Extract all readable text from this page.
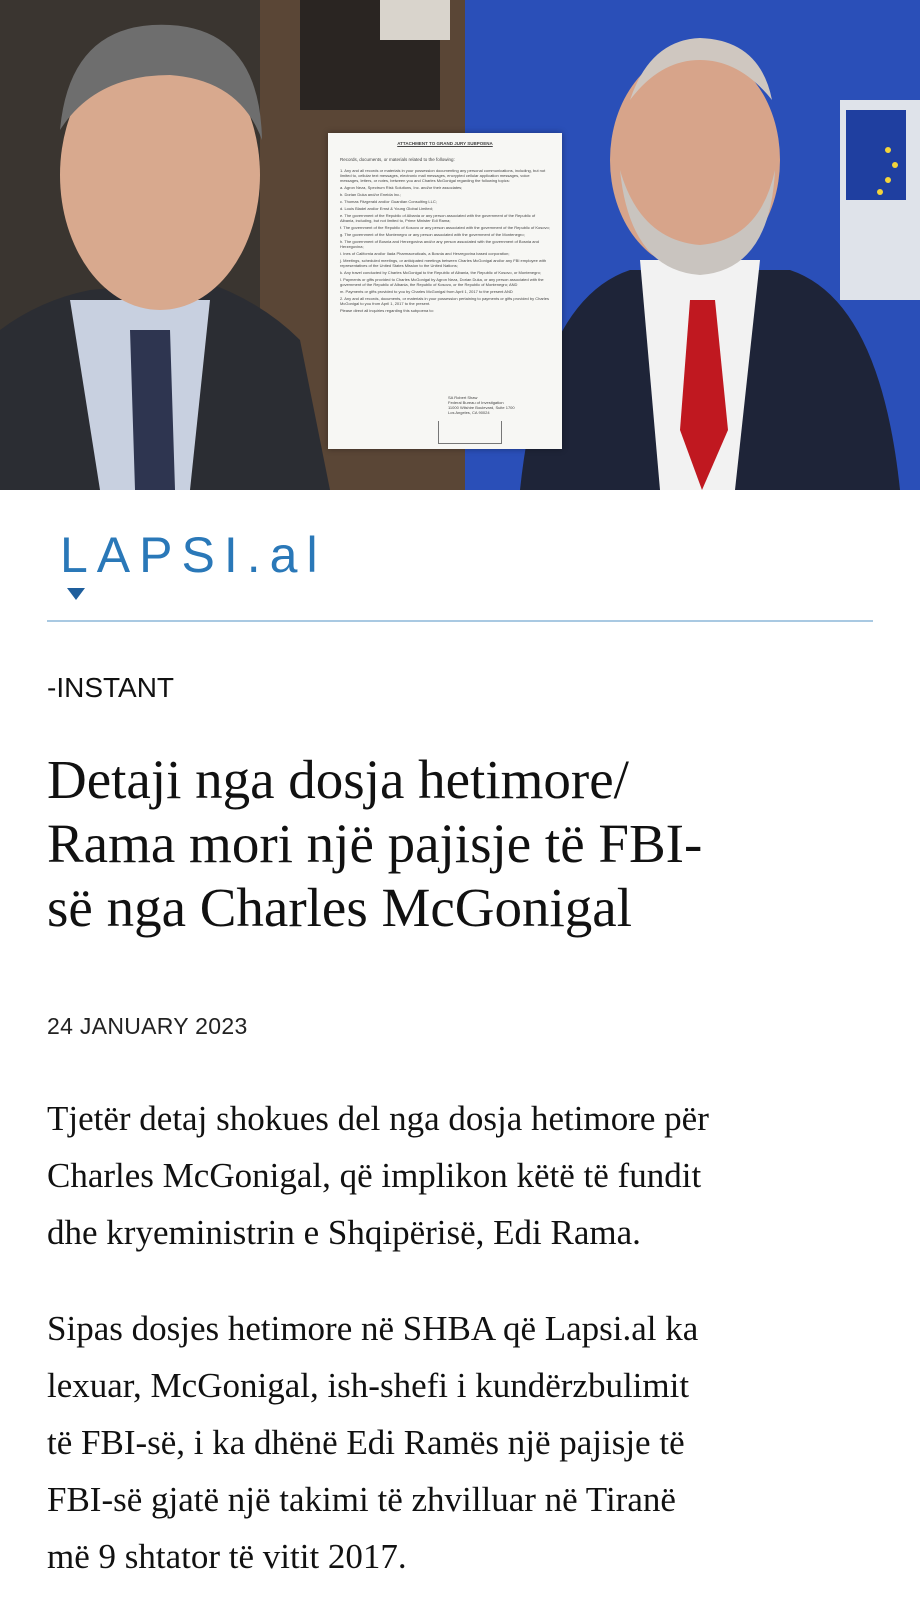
ATTACHMENT TO GRAND JURY SUBPOENA
Records, documents, or materials related to the following:
1. Any and all records or materials in your possession documenting any personal communications, including, but not limited to, cellular text messages, electronic mail messages, encrypted cellular application messages, voice messages, letters, or notes, between you and Charles McGonigal regarding the following topics:
a. Agron Neza, Spectrum Risk Solutions, Inc. and/or their associates;
b. Dorian Duka and/or Eneida Inc.;
c. Thomas Fitzgerald and/or Guardian Consulting LLC;
d. Louis Bladel and/or Ernst & Young Global Limited;
e. The government of the Republic of Albania or any person associated with the government of the Republic of Albania, including, but not limited to, Prime Minister Edi Rama;
f. The government of the Republic of Kosovo or any person associated with the government of the Republic of Kosovo;
g. The government of the Montenegro or any person associated with the government of the Montenegro;
h. The government of Bosnia and Herzegovina and/or any person associated with the government of Bosnia and Herzegovina;
i. Ines of California and/or Ilada Pharmaceuticals, a Bosnia and Herzegovina based corporation;
j. Meetings, scheduled meetings, or anticipated meetings between Charles McGonigal and/or any FBI employee with representatives of the United States Mission to the United Nations;
k. Any travel conducted by Charles McGonigal to the Republic of Albania, the Republic of Kosovo, or Montenegro;
l. Payments or gifts provided to Charles McGonigal by Agron Neza, Dorian Duka, or any person associated with the government of the Republic of Albania, the Republic of Kosovo, or the Republic of Montenegro; AND
m. Payments or gifts provided to you by Charles McGonigal from April 1, 2017 to the present AND
2. Any and all records, documents, or materials in your possession pertaining to payments or gifts provided by Charles McGonigal to you from April 1, 2017 to the present.
Please direct all inquiries regarding this subpoena to:
SA Robert Shaw
Federal Bureau of Investigation
11000 Wilshire Boulevard, Suite 1700
Los Angeles, CA 90024
LAPSI.al
-INSTANT
Detaji nga dosja hetimore/
Rama mori një pajisje të FBI-
së nga Charles McGonigal
24 JANUARY 2023

Tjetër detaj shokues del nga dosja hetimore për
Charles McGonigal, që implikon këtë të fundit
dhe kryeministrin e Shqipërisë, Edi Rama.

Sipas dosjes hetimore në SHBA që Lapsi.al ka
lexuar, McGonigal, ish-shefi i kundërzbulimit
të FBI-së, i ka dhënë Edi Ramës një pajisje të
FBI-së gjatë një takimi të zhvilluar në Tiranë
më 9 shtator të vitit 2017.
